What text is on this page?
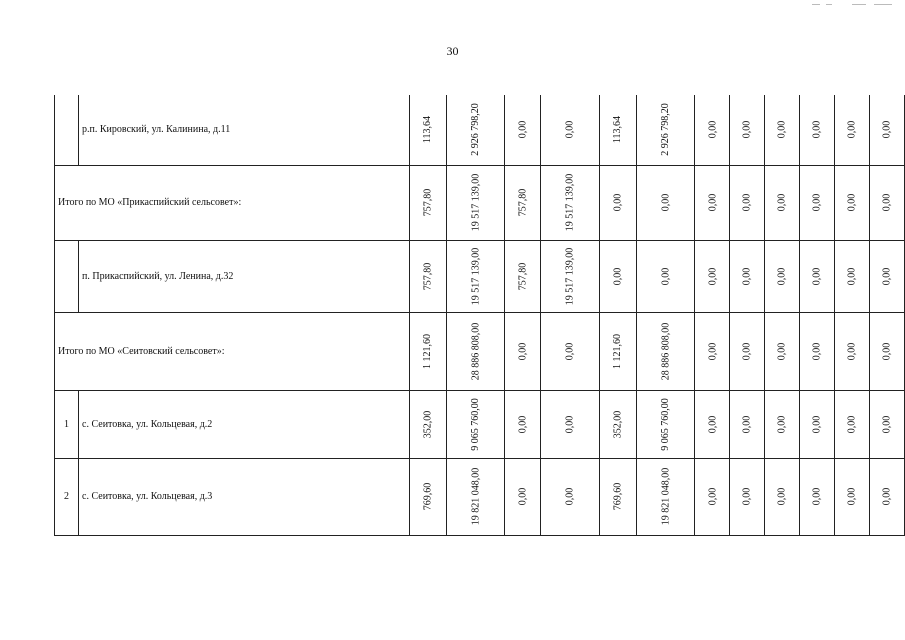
30
	р.п. Кировский, ул. Калинина, д.11	113,64	2 926 798,20	0,00	0,00	113,64	2 926 798,20	0,00	0,00	0,00	0,00	0,00	0,00
Итого по МО «Прикаспийский сельсовет»:		757,80	19 517 139,00	757,80	19 517 139,00	0,00	0,00	0,00	0,00	0,00	0,00	0,00	0,00
	п. Прикаспийский, ул. Ленина, д.32	757,80	19 517 139,00	757,80	19 517 139,00	0,00	0,00	0,00	0,00	0,00	0,00	0,00	0,00
Итого по МО «Сеитовский сельсовет»:		1 121,60	28 886 808,00	0,00	0,00	1 121,60	28 886 808,00	0,00	0,00	0,00	0,00	0,00	0,00
1	с. Сеитовка, ул. Кольцевая, д.2	352,00	9 065 760,00	0,00	0,00	352,00	9 065 760,00	0,00	0,00	0,00	0,00	0,00	0,00
2	с. Сеитовка, ул. Кольцевая, д.3	769,60	19 821 048,00	0,00	0,00	769,60	19 821 048,00	0,00	0,00	0,00	0,00	0,00	0,00
